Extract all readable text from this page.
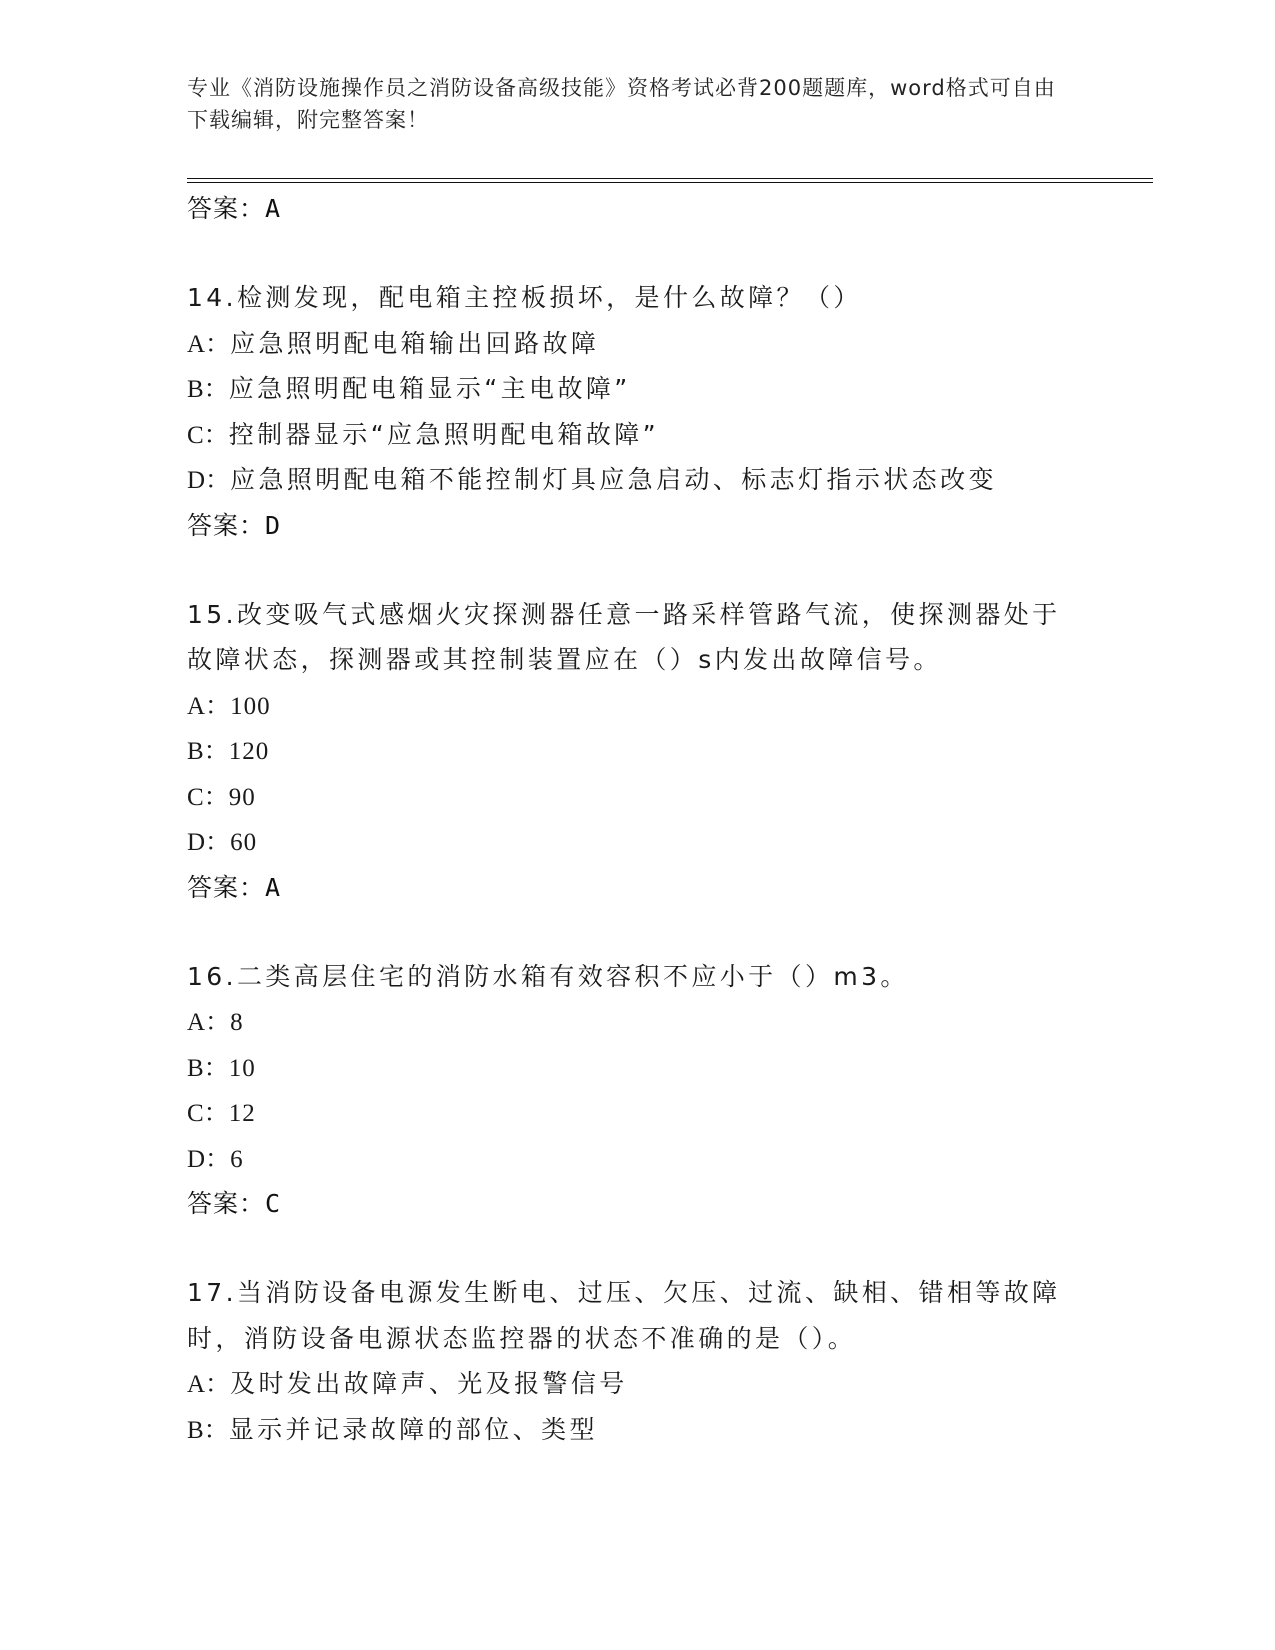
专业《消防设施操作员之消防设备高级技能》资格考试必背200题题库，word格式可自由下载编辑，附完整答案！
答案：A
14.检测发现，配电箱主控板损坏，是什么故障？（）
A：应急照明配电箱输出回路故障
B：应急照明配电箱显示“主电故障”
C：控制器显示“应急照明配电箱故障”
D：应急照明配电箱不能控制灯具应急启动、标志灯指示状态改变
答案：D
15.改变吸气式感烟火灾探测器任意一路采样管路气流，使探测器处于故障状态，探测器或其控制装置应在（）s内发出故障信号。
A：100
B：120
C：90
D：60
答案：A
16.二类高层住宅的消防水箱有效容积不应小于（）m3。
A：8
B：10
C：12
D：6
答案：C
17.当消防设备电源发生断电、过压、欠压、过流、缺相、错相等故障时，消防设备电源状态监控器的状态不准确的是（）。
A：及时发出故障声、光及报警信号
B：显示并记录故障的部位、类型
